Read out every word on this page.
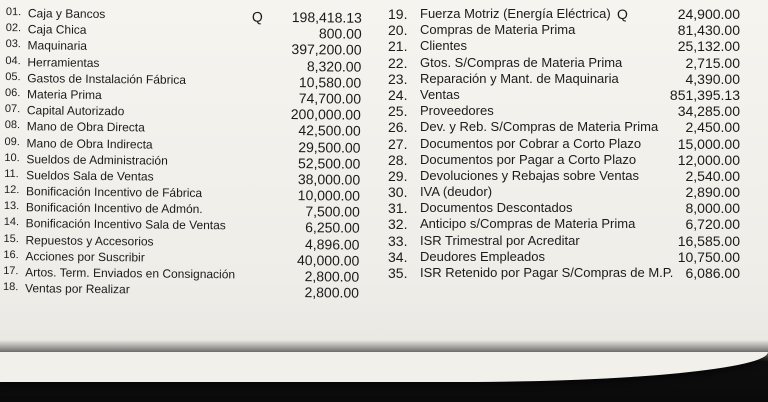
01. Caja y Bancos	Q 198,418.13
02. Caja Chica	800.00
03. Maquinaria	397,200.00
04. Herramientas	8,320.00
05. Gastos de Instalación Fábrica	10,580.00
06. Materia Prima	74,700.00
07. Capital Autorizado	200,000.00
08. Mano de Obra Directa	42,500.00
09. Mano de Obra Indirecta	29,500.00
10. Sueldos de Administración	52,500.00
11. Sueldos Sala de Ventas	38,000.00
12. Bonificación Incentivo de Fábrica	10,000.00
13. Bonificación Incentivo de Admón.	7,500.00
14. Bonificación Incentivo Sala de Ventas	6,250.00
15. Repuestos y Accesorios	4,896.00
16. Acciones por Suscribir	40,000.00
17. Artos. Term. Enviados en Consignación	2,800.00
18. Ventas por Realizar	2,800.00
19. Fuerza Motriz (Energía Eléctrica) Q	24,900.00
20. Compras de Materia Prima	81,430.00
21. Clientes	25,132.00
22. Gtos. S/Compras de Materia Prima	2,715.00
23. Reparación y Mant. de Maquinaria	4,390.00
24. Ventas	851,395.13
25. Proveedores	34,285.00
26. Dev. y Reb. S/Compras de Materia Prima 2,450.00
27. Documentos por Cobrar a Corto Plazo	15,000.00
28. Documentos por Pagar a Corto Plazo	12,000.00
29. Devoluciones y Rebajas sobre Ventas	2,540.00
30. IVA (deudor)	2,890.00
31. Documentos Descontados	8,000.00
32. Anticipo s/Compras de Materia Prima	6,720.00
33. ISR Trimestral por Acreditar	16,585.00
34. Deudores Empleados	10,750.00
35. ISR Retenido por Pagar S/Compras de M.P. 6,086.00
